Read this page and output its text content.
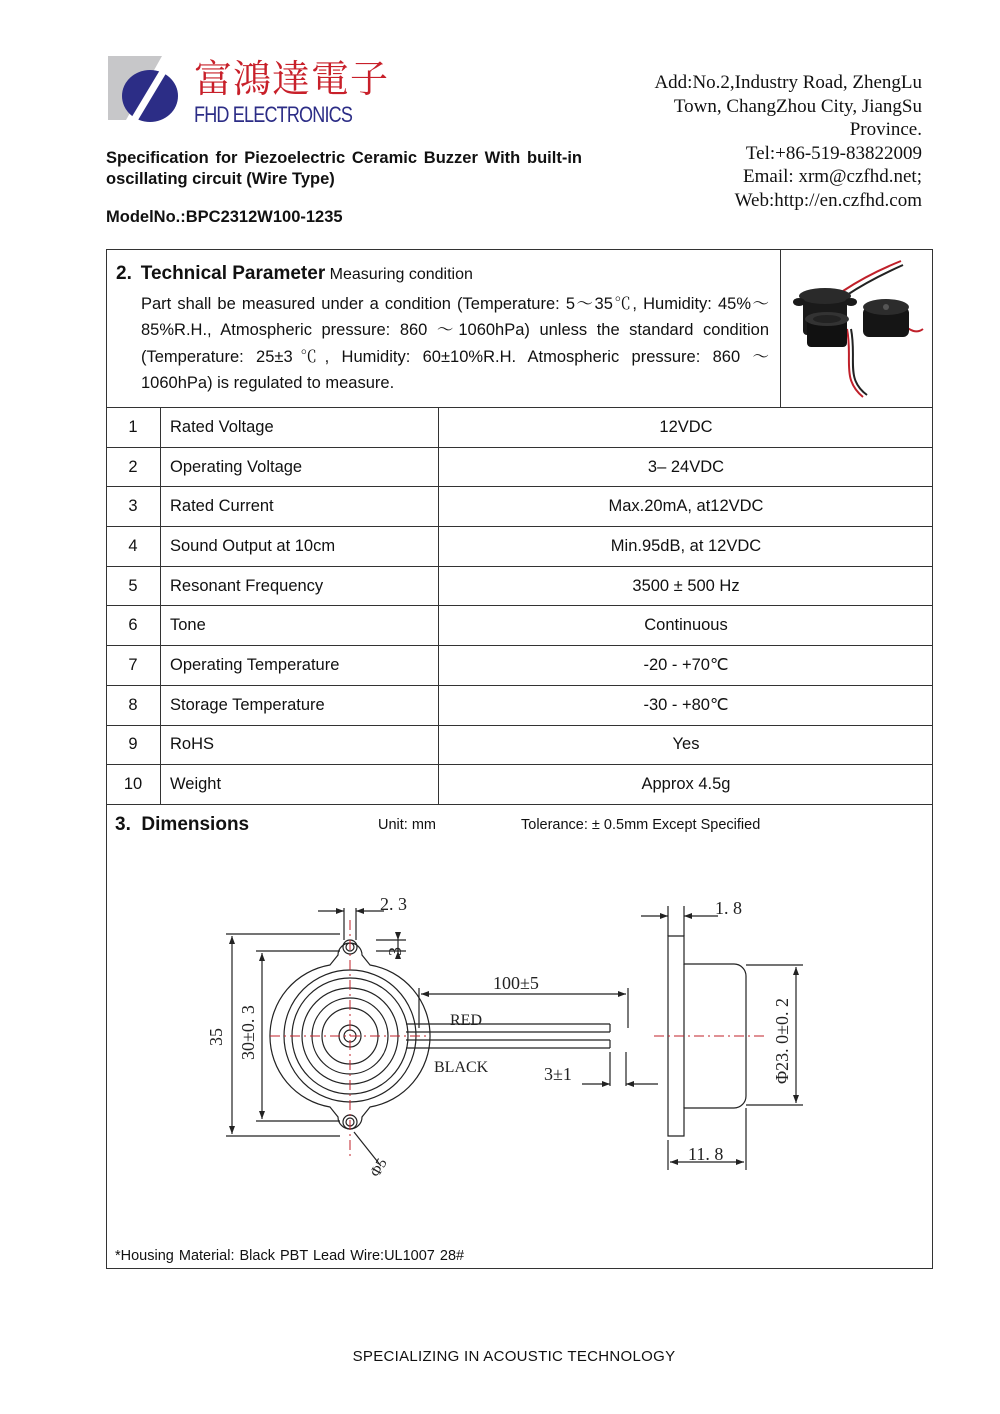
富鴻達電子
FHD ELECTRONICS
Add:No.2,Industry Road, ZhengLu
Town, ChangZhou City, JiangSu
Province.
Tel:+86-519-83822009
Email: xrm@czfhd.net;
Web:http://en.czfhd.com
Specification for Piezoelectric Ceramic Buzzer With built-in oscillating circuit (Wire Type)
ModelNo.:BPC2312W100-1235
2. Technical Parameter Measuring condition
Part shall be measured under a condition (Temperature: 5～35℃, Humidity: 45%～85%R.H., Atmospheric pressure: 860 ～1060hPa) unless the standard condition (Temperature: 25±3℃, Humidity: 60±10%R.H. Atmospheric pressure: 860 ～1060hPa) is regulated to measure.
1	Rated Voltage	12VDC
2	Operating Voltage	3– 24VDC
3	Rated Current	Max.20mA, at12VDC
4	Sound Output at 10cm	Min.95dB, at 12VDC
5	Resonant Frequency	3500 ± 500 Hz
6	Tone	Continuous
7	Operating Temperature	-20 - +70℃
8	Storage Temperature	-30 - +80℃
9	RoHS	Yes
10	Weight	Approx 4.5g
3. Dimensions	Unit: mm	Tolerance: ± 0.5mm Except Specified
2. 3
3
35 30±0. 3
100±5
RED
BLACK	3±1
Φ5
1. 8
Φ23. 0±0. 2
11. 8
*Housing Material: Black PBT Lead Wire:UL1007 28#
SPECIALIZING IN ACOUSTIC TECHNOLOGY
